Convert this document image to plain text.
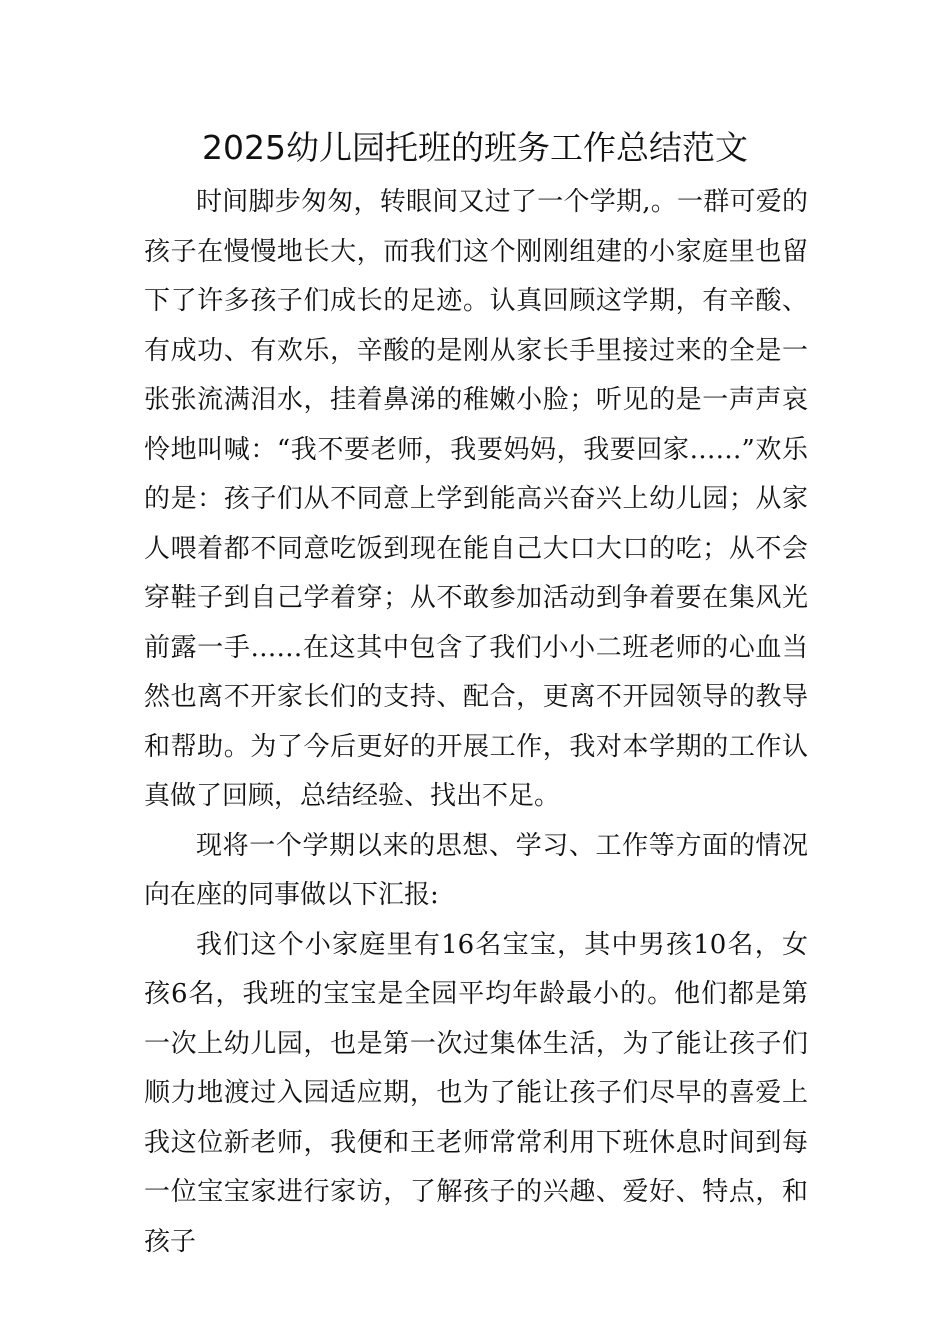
2025幼儿园托班的班务工作总结范文

时间脚步匆匆，转眼间又过了一个学期,。一群可爱的孩子在慢慢地长大，而我们这个刚刚组建的小家庭里也留下了许多孩子们成长的足迹。认真回顾这学期，有辛酸、有成功、有欢乐，辛酸的是刚从家长手里接过来的全是一张张流满泪水，挂着鼻涕的稚嫩小脸；听见的是一声声哀怜地叫喊：“我不要老师，我要妈妈，我要回家……”欢乐的是：孩子们从不同意上学到能高兴奋兴上幼儿园；从家人喂着都不同意吃饭到现在能自己大口大口的吃；从不会穿鞋子到自己学着穿；从不敢参加活动到争着要在集风光前露一手……在这其中包含了我们小小二班老师的心血当然也离不开家长们的支持、配合，更离不开园领导的教导和帮助。为了今后更好的开展工作，我对本学期的工作认真做了回顾，总结经验、找出不足。

现将一个学期以来的思想、学习、工作等方面的情况向在座的同事做以下汇报:

我们这个小家庭里有16名宝宝，其中男孩10名，女孩6名，我班的宝宝是全园平均年龄最小的。他们都是第一次上幼儿园，也是第一次过集体生活，为了能让孩子们顺力地渡过入园适应期，也为了能让孩子们尽早的喜爱上我这位新老师，我便和王老师常常利用下班休息时间到每一位宝宝家进行家访，了解孩子的兴趣、爱好、特点，和孩子
